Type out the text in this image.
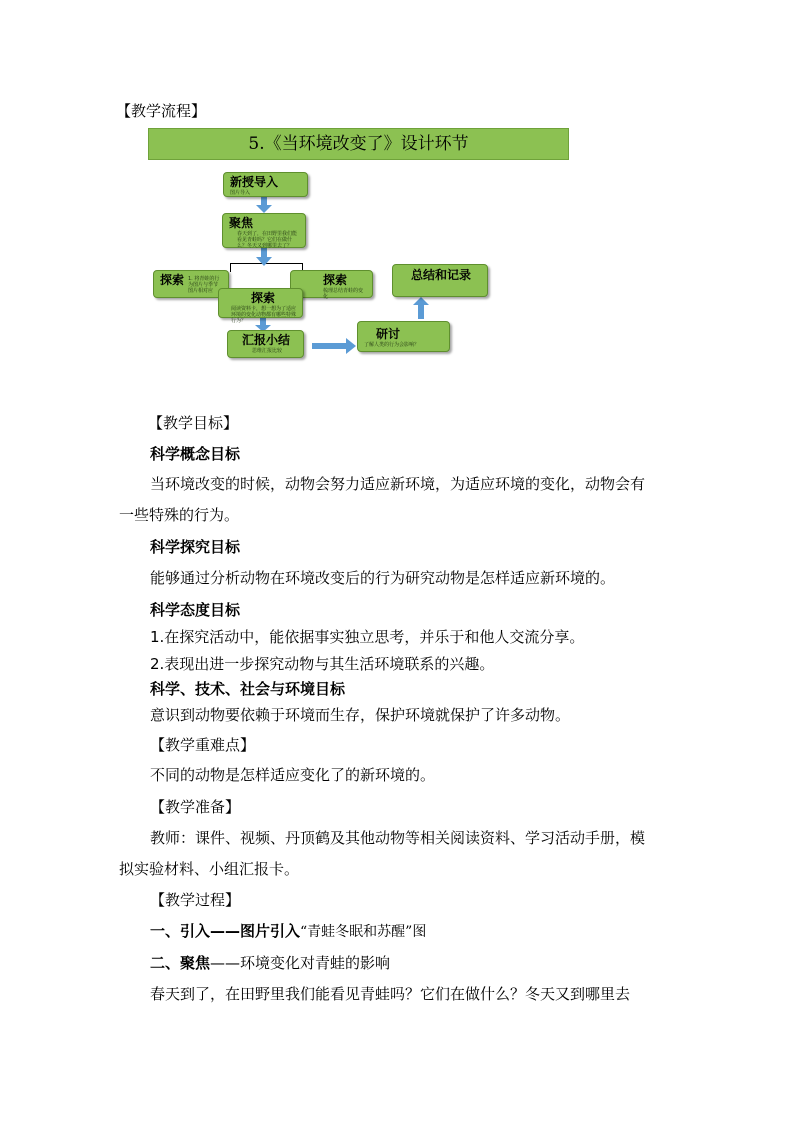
【教学流程】
5.《当环境改变了》设计环节
新授导入
图片导入
聚焦
春天到了，在田野里我们能看见青蛙吗？它们在做什么？冬天又到哪里去了？
探索 1. 将青蛙的行为图片与季节图片相对应
探索
梳理总结青蛙的变化
探索
阅读资料卡，想一想为了适应环境的变化动物都有哪些特殊行为？
汇报小结
思维汇报比较
研讨
了解人类的行为会影响？
总结和记录
【教学目标】
科学概念目标
当环境改变的时候，动物会努力适应新环境，为适应环境的变化，动物会有
一些特殊的行为。
科学探究目标
能够通过分析动物在环境改变后的行为研究动物是怎样适应新环境的。
科学态度目标
1.在探究活动中，能依据事实独立思考，并乐于和他人交流分享。
2.表现出进一步探究动物与其生活环境联系的兴趣。
科学、技术、社会与环境目标
意识到动物要依赖于环境而生存，保护环境就保护了许多动物。
【教学重难点】
不同的动物是怎样适应变化了的新环境的。
【教学准备】
教师：课件、视频、丹顶鹤及其他动物等相关阅读资料、学习活动手册，模
拟实验材料、小组汇报卡。
【教学过程】
一、引入——图片引入“青蛙冬眠和苏醒”图
二、聚焦——环境变化对青蛙的影响
春天到了，在田野里我们能看见青蛙吗？它们在做什么？冬天又到哪里去
